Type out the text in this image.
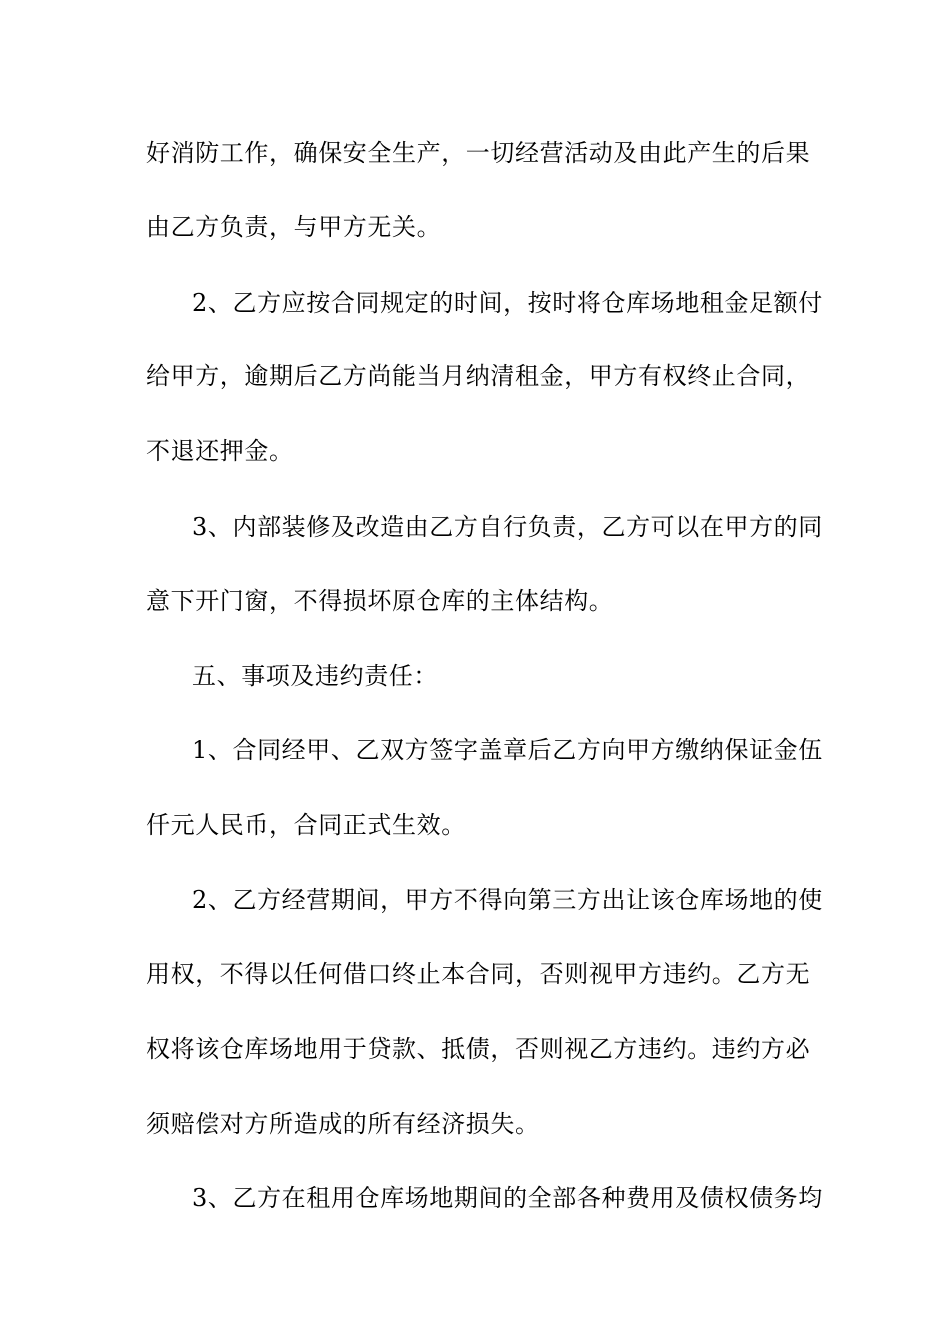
好消防工作，确保安全生产，一切经营活动及由此产生的后果
由乙方负责，与甲方无关。
2、乙方应按合同规定的时间，按时将仓库场地租金足额付
给甲方，逾期后乙方尚能当月纳清租金，甲方有权终止合同，
不退还押金。
3、内部装修及改造由乙方自行负责，乙方可以在甲方的同
意下开门窗，不得损坏原仓库的主体结构。
五、事项及违约责任：
1、合同经甲、乙双方签字盖章后乙方向甲方缴纳保证金伍
仟元人民币，合同正式生效。
2、乙方经营期间，甲方不得向第三方出让该仓库场地的使
用权，不得以任何借口终止本合同，否则视甲方违约。乙方无
权将该仓库场地用于贷款、抵债，否则视乙方违约。违约方必
须赔偿对方所造成的所有经济损失。
3、乙方在租用仓库场地期间的全部各种费用及债权债务均
